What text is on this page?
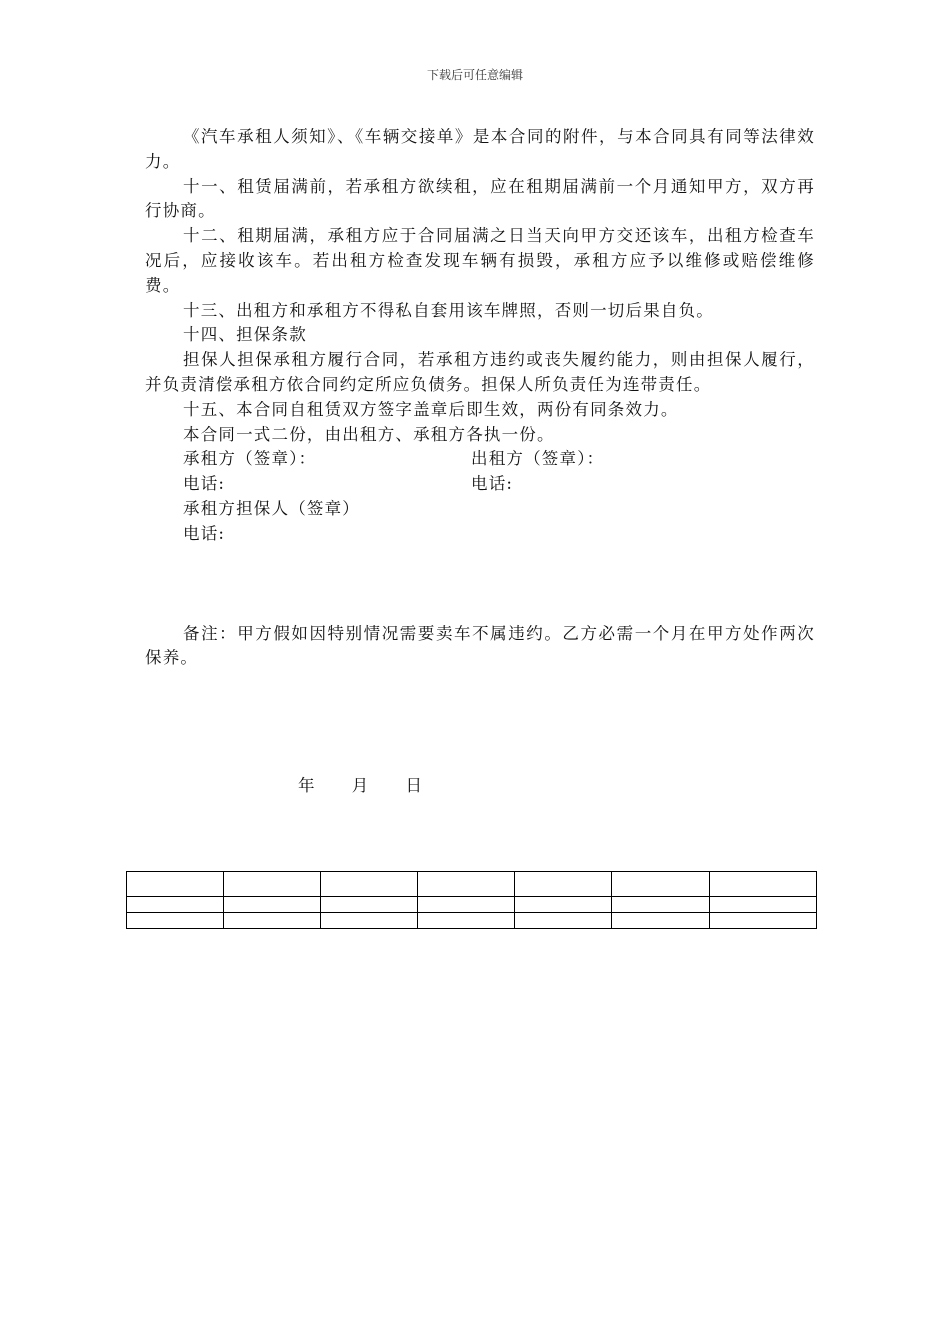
下载后可任意编辑

《汽车承租人须知》、《车辆交接单》是本合同的附件，与本合同具有同等法律效力。

十一、租赁届满前，若承租方欲续租，应在租期届满前一个月通知甲方，双方再行协商。

十二、租期届满，承租方应于合同届满之日当天向甲方交还该车，出租方检查车况后，应接收该车。若出租方检查发现车辆有损毁，承租方应予以维修或赔偿维修费。

十三、出租方和承租方不得私自套用该车牌照，否则一切后果自负。

十四、担保条款

担保人担保承租方履行合同，若承租方违约或丧失履约能力，则由担保人履行，并负责清偿承租方依合同约定所应负债务。担保人所负责任为连带责任。

十五、本合同自租赁双方签字盖章后即生效，两份有同条效力。

本合同一式二份，由出租方、承租方各执一份。

承租方（签章）：	出租方（签章）：
电话:	电话:
承租方担保人（签章）
电话:

备注：甲方假如因特别情况需要卖车不属违约。乙方必需一个月在甲方处作两次保养。

年 月 日
